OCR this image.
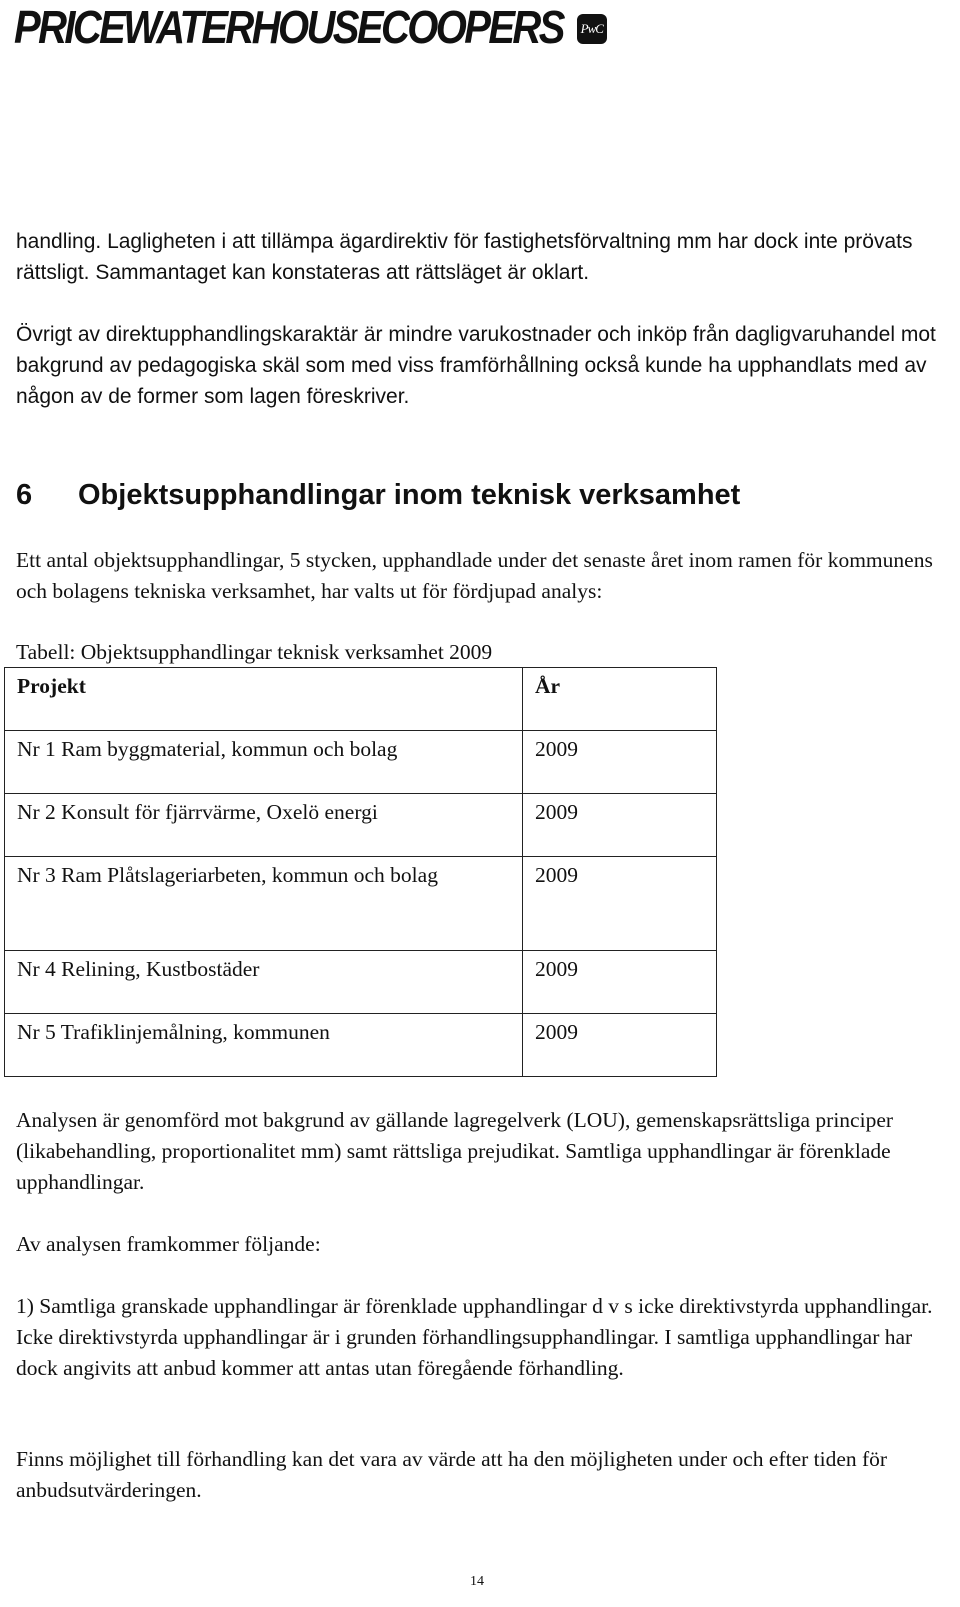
PRICEWATERHOUSECOOPERS PwC

handling. Lagligheten i att tillämpa ägardirektiv för fastighetsförvaltning mm har dock inte prövats rättsligt. Sammantaget kan konstateras att rättsläget är oklart.

Övrigt av direktupphandlingskaraktär är mindre varukostnader och inköp från dagligvaruhandel mot bakgrund av pedagogiska skäl som med viss framförhållning också kunde ha upphandlats med av någon av de former som lagen föreskriver.

6 Objektsupphandlingar inom teknisk verksamhet

Ett antal objektsupphandlingar, 5 stycken, upphandlade under det senaste året inom ramen för kommunens och bolagens tekniska verksamhet, har valts ut för fördjupad analys:

Tabell: Objektsupphandlingar teknisk verksamhet 2009

Projekt	År
Nr 1 Ram byggmaterial, kommun och bolag	2009
Nr 2 Konsult för fjärrvärme, Oxelö energi	2009
Nr 3 Ram Plåtslageriarbeten, kommun och bolag	2009
Nr 4 Relining, Kustbostäder	2009
Nr 5 Trafiklinjemålning, kommunen	2009

Analysen är genomförd mot bakgrund av gällande lagregelverk (LOU), gemenskapsrättsliga principer (likabehandling, proportionalitet mm) samt rättsliga prejudikat. Samtliga upphandlingar är förenklade upphandlingar.

Av analysen framkommer följande:

1) Samtliga granskade upphandlingar är förenklade upphandlingar d v s icke direktivstyrda upphandlingar. Icke direktivstyrda upphandlingar är i grunden förhandlingsupphandlingar. I samtliga upphandlingar har dock angivits att anbud kommer att antas utan föregående förhandling.

Finns möjlighet till förhandling kan det vara av värde att ha den möjligheten under och efter tiden för anbudsutvärderingen.

14
